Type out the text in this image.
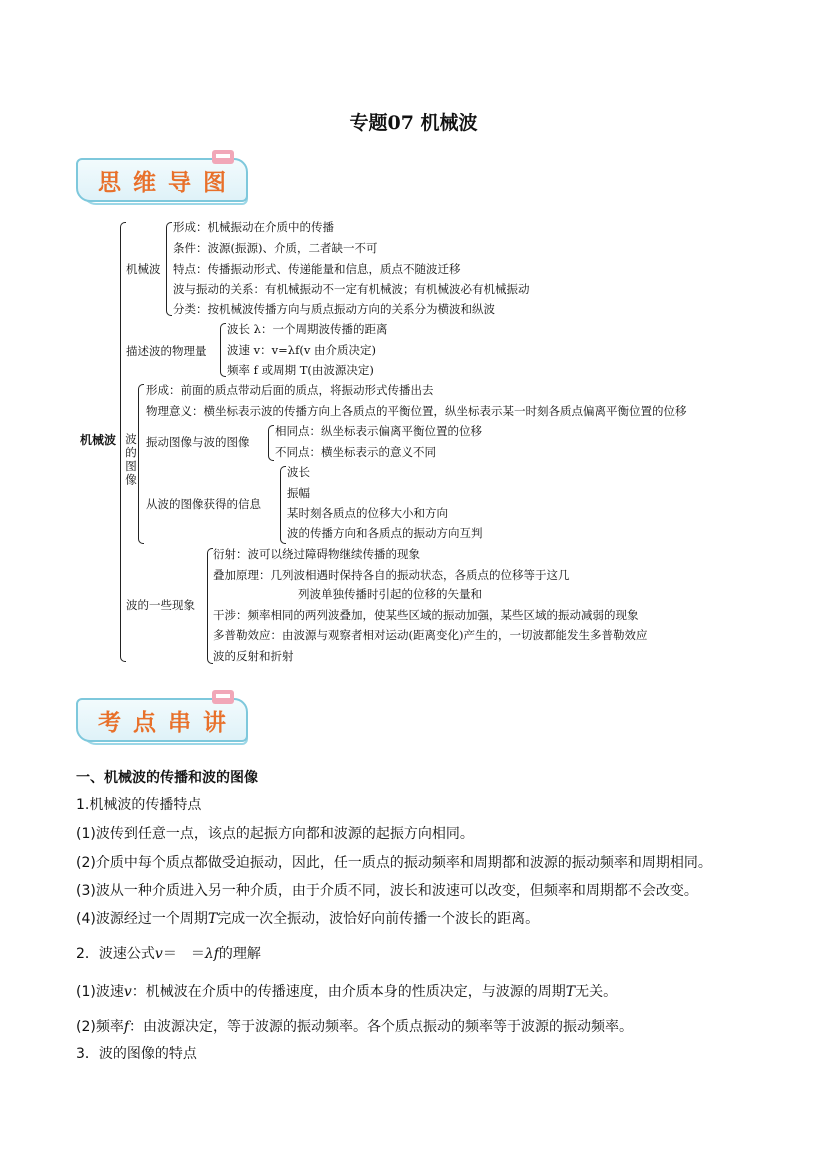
专题07 机械波
思维导图
机械波
机械波
形成：机械振动在介质中的传播
条件：波源(振源)、介质，二者缺一不可
特点：传播振动形式、传递能量和信息，质点不随波迁移
波与振动的关系：有机械振动不一定有机械波；有机械波必有机械振动
分类：按机械波传播方向与质点振动方向的关系分为横波和纵波
描述波的物理量
波长 λ：一个周期波传播的距离
波速 v：v=λf(v 由介质决定)
频率 f 或周期 T(由波源决定)
波的图像
形成：前面的质点带动后面的质点，将振动形式传播出去
物理意义：横坐标表示波的传播方向上各质点的平衡位置，纵坐标表示某一时刻各质点偏离平衡位置的位移
振动图像与波的图像
相同点：纵坐标表示偏离平衡位置的位移
不同点：横坐标表示的意义不同
从波的图像获得的信息
波长
振幅
某时刻各质点的位移大小和方向
波的传播方向和各质点的振动方向互判
波的一些现象
衍射：波可以绕过障碍物继续传播的现象
叠加原理：几列波相遇时保持各自的振动状态，各质点的位移等于这几
列波单独传播时引起的位移的矢量和
干涉：频率相同的两列波叠加，使某些区域的振动加强，某些区域的振动减弱的现象
多普勒效应：由波源与观察者相对运动(距离变化)产生的，一切波都能发生多普勒效应
波的反射和折射
考点串讲
一、机械波的传播和波的图像
1.机械波的传播特点
(1)波传到任意一点，该点的起振方向都和波源的起振方向相同。
(2)介质中每个质点都做受迫振动，因此，任一质点的振动频率和周期都和波源的振动频率和周期相同。
(3)波从一种介质进入另一种介质，由于介质不同，波长和波速可以改变，但频率和周期都不会改变。
(4)波源经过一个周期T完成一次全振动，波恰好向前传播一个波长的距离。
2．波速公式v＝　＝λf的理解
(1)波速v：机械波在介质中的传播速度，由介质本身的性质决定，与波源的周期T无关。
(2)频率f：由波源决定，等于波源的振动频率。各个质点振动的频率等于波源的振动频率。
3．波的图像的特点
